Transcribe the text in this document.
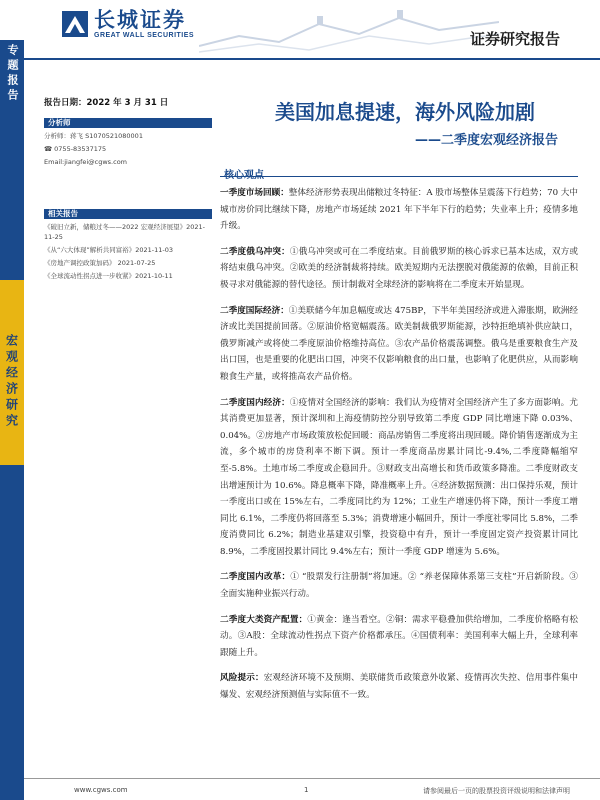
专题报告
宏观经济研究
长城证券
GREAT WALL SECURITIES	证券研究报告
报告日期：2022 年 3 月 31 日
分析师
分析师：蒋飞 S1070521080001
☎ 0755-83537175
Email:jiangfei@cgws.com
相关报告
《破旧立新，储粮过冬——2022 宏观经济展望》2021-11-25
《从“六大体现”解析共同富裕》2021-11-03
《房地产调控政策加码》 2021-07-25
《全球流动性拐点进一步收紧》2021-10-11
美国加息提速，海外风险加剧
——二季度宏观经济报告
核心观点

一季度市场回顾：整体经济形势表现出储粮过冬特征：A 股市场整体呈震荡下行趋势；70 大中城市房价同比继续下降，房地产市场延续 2021 年下半年下行的趋势；失业率上升；疫情多地升级。

二季度俄乌冲突：①俄乌冲突或可在二季度结束。目前俄罗斯的核心诉求已基本达成，双方或将结束俄乌冲突。②欧美的经济制裁将持续。欧美短期内无法摆脱对俄能源的依赖，目前正积极寻求对俄能源的替代途径。预计制裁对全球经济的影响将在二季度末开始显现。

二季度国际经济：①美联储今年加息幅度或达 475BP，下半年美国经济或进入滞胀期，欧洲经济或比美国提前回落。②原油价格宽幅震荡。欧美制裁俄罗斯能源，沙特拒绝填补供应缺口，俄罗斯减产或将使二季度原油价格维持高位。③农产品价格震荡调整。俄乌是重要粮食生产及出口国，也是重要的化肥出口国，冲突不仅影响粮食的出口量，也影响了化肥供应，从而影响粮食生产量，或将推高农产品价格。

二季度国内经济：①疫情对全国经济的影响：我们认为疫情对全国经济产生了多方面影响。尤其消费更加显著，预计深圳和上海疫情防控分别导致第二季度 GDP 同比增速下降 0.03%、0.04%。②房地产市场政策放松促回暖：商品房销售二季度将出现回暖。降价销售逐渐成为主流，多个城市的房贷利率不断下调。预计一季度商品房累计同比-9.4%,二季度降幅缩窄至-5.8%。土地市场二季度或企稳回升。③财政支出高增长和货币政策多降准。二季度财政支出增速预计为 10.6%。降息概率下降，降准概率上升。④经济数据预测：出口保持乐观，预计一季度出口或在 15%左右，二季度同比约为 12%；工业生产增速仍将下降，预计一季度工增同比 6.1%，二季度仍将回落至 5.3%；消费增速小幅回升，预计一季度社零同比 5.8%，二季度消费同比 6.2%；制造业基建双引擎，投资稳中有升，预计一季度固定资产投资累计同比 8.9%，二季度固投累计同比 9.4%左右；预计一季度 GDP 增速为 5.6%。

二季度国内改革：① “股票发行注册制”将加速。② “养老保障体系第三支柱”开启新阶段。③全面实施种业振兴行动。

二季度大类资产配置：①黄金：逢当看空。②铜：需求平稳叠加供给增加，二季度价格略有松动。③A股：全球流动性拐点下资产价格都承压。④国债利率：美国利率大幅上升，全球利率跟随上升。

风险提示：宏观经济环境不及预期、美联储货币政策意外收紧、疫情再次失控、信用事件集中爆发、宏观经济预测值与实际值不一致。

www.cgws.com	1	请参阅最后一页的股票投资评级说明和法律声明
